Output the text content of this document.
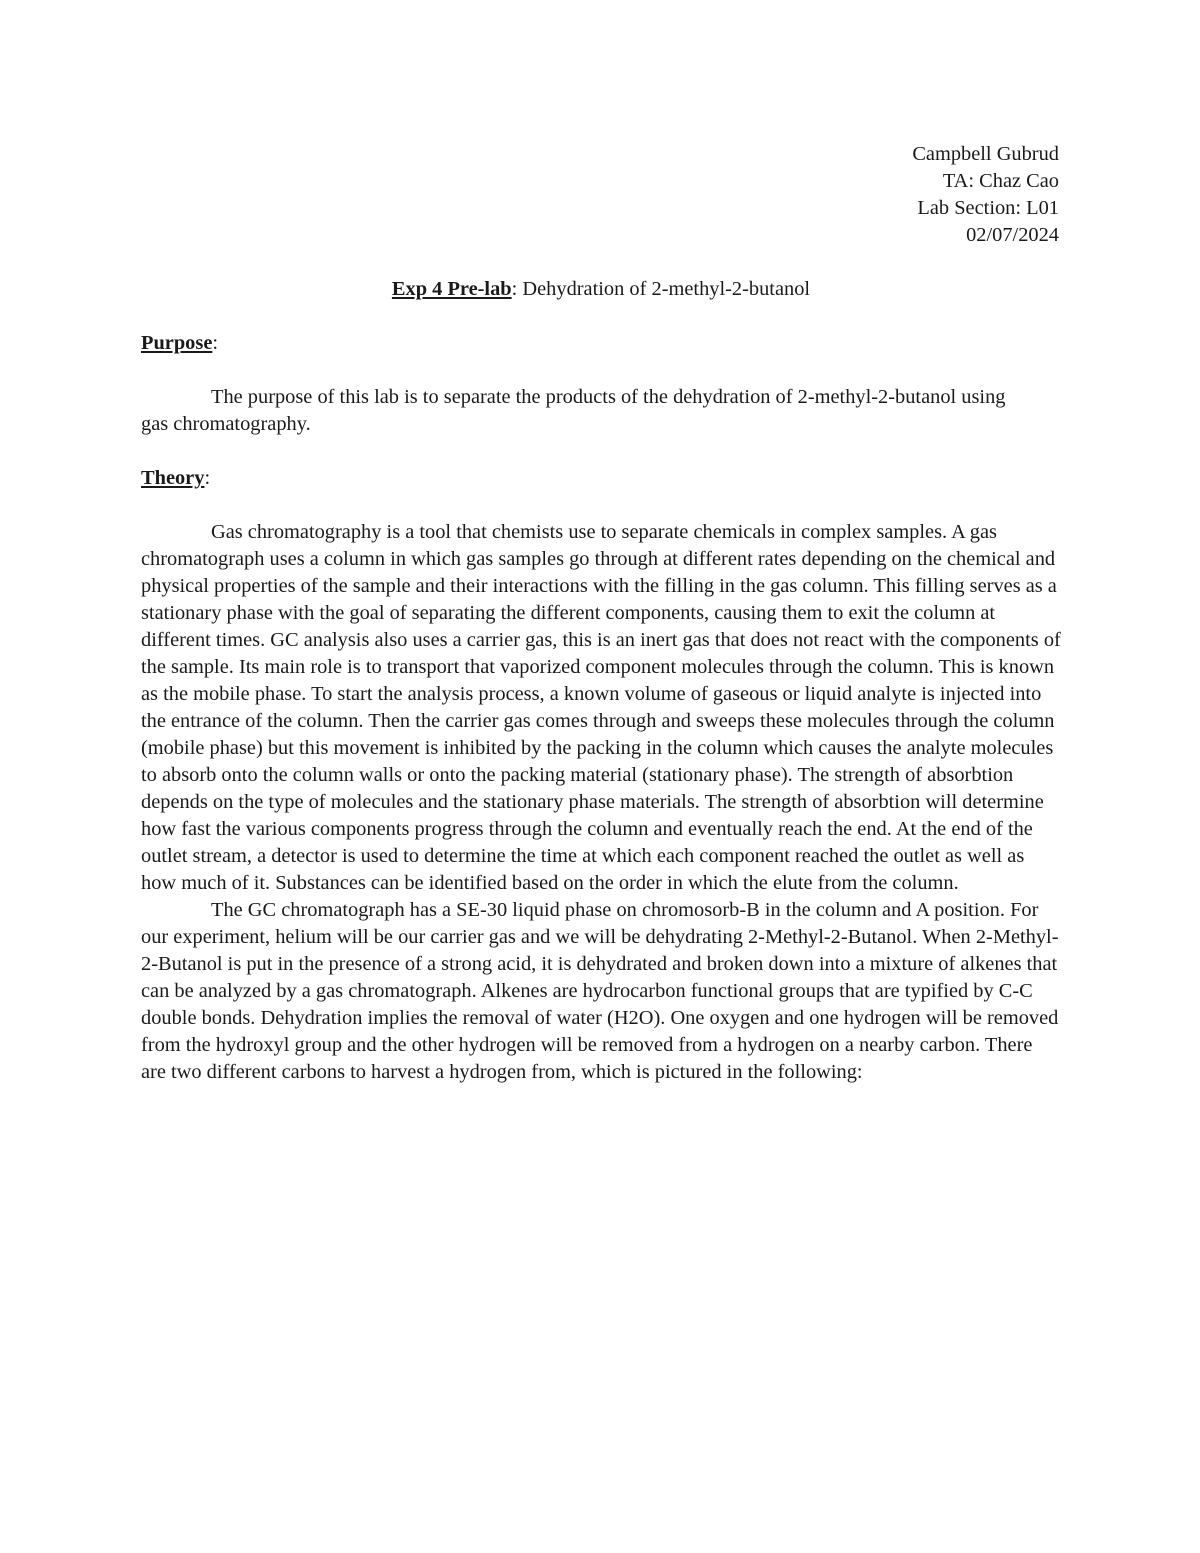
Campbell Gubrud
TA: Chaz Cao
Lab Section: L01
02/07/2024
Exp 4 Pre-lab: Dehydration of 2-methyl-2-butanol
Purpose:

The purpose of this lab is to separate the products of the dehydration of 2-methyl-2-butanol using gas chromatography.

Theory:

Gas chromatography is a tool that chemists use to separate chemicals in complex samples. A gas chromatograph uses a column in which gas samples go through at different rates depending on the chemical and physical properties of the sample and their interactions with the filling in the gas column. This filling serves as a stationary phase with the goal of separating the different components, causing them to exit the column at different times. GC analysis also uses a carrier gas, this is an inert gas that does not react with the components of the sample. Its main role is to transport that vaporized component molecules through the column. This is known as the mobile phase. To start the analysis process, a known volume of gaseous or liquid analyte is injected into the entrance of the column. Then the carrier gas comes through and sweeps these molecules through the column (mobile phase) but this movement is inhibited by the packing in the column which causes the analyte molecules to absorb onto the column walls or onto the packing material (stationary phase). The strength of absorbtion depends on the type of molecules and the stationary phase materials. The strength of absorbtion will determine how fast the various components progress through the column and eventually reach the end. At the end of the outlet stream, a detector is used to determine the time at which each component reached the outlet as well as how much of it. Substances can be identified based on the order in which the elute from the column.

The GC chromatograph has a SE-30 liquid phase on chromosorb-B in the column and A position. For our experiment, helium will be our carrier gas and we will be dehydrating 2-Methyl-2-Butanol. When 2-Methyl-2-Butanol is put in the presence of a strong acid, it is dehydrated and broken down into a mixture of alkenes that can be analyzed by a gas chromatograph. Alkenes are hydrocarbon functional groups that are typified by C-C double bonds. Dehydration implies the removal of water (H2O). One oxygen and one hydrogen will be removed from the hydroxyl group and the other hydrogen will be removed from a hydrogen on a nearby carbon. There are two different carbons to harvest a hydrogen from, which is pictured in the following:
